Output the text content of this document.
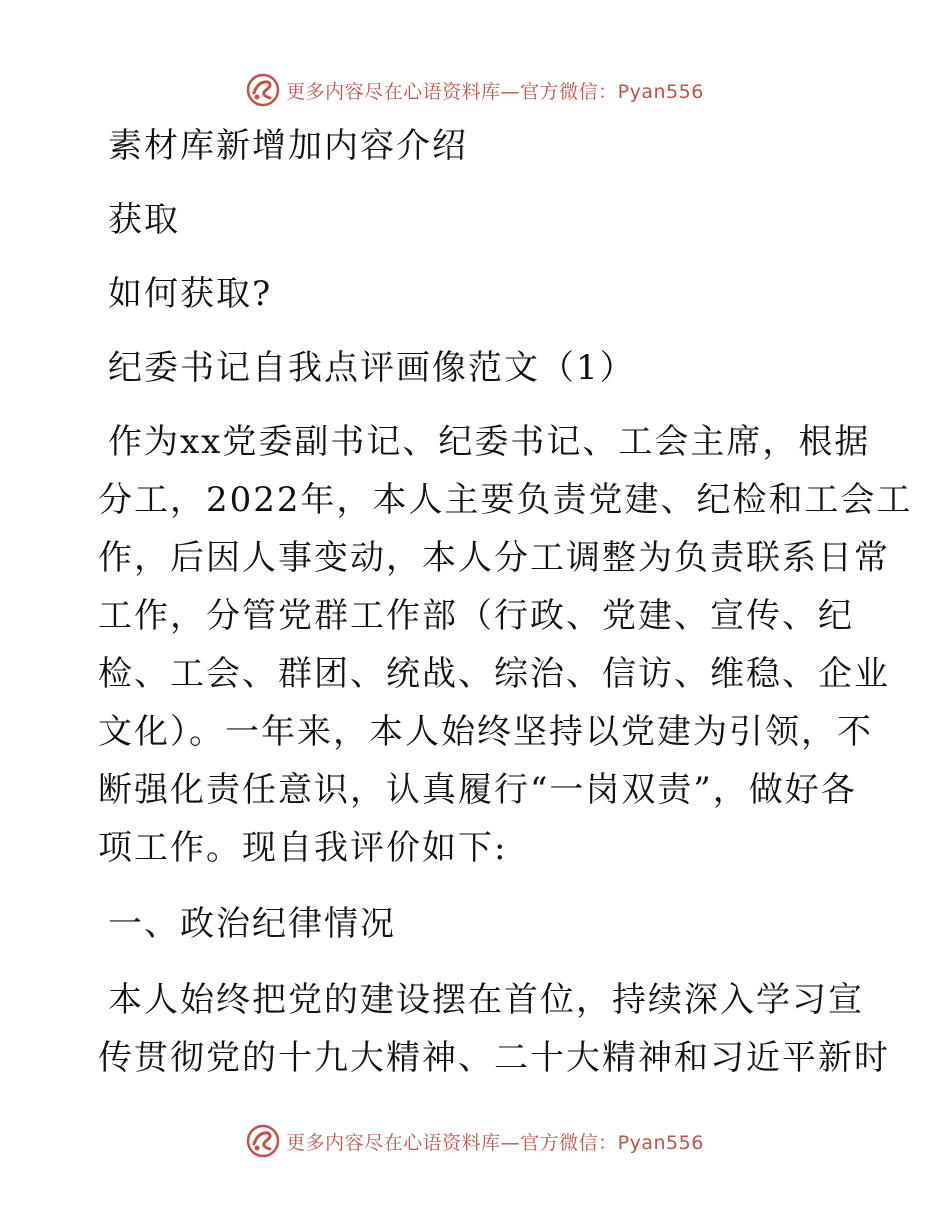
更多内容尽在心语资料库—官方微信：Pyan556
素材库新增加内容介绍
获取
如何获取?
纪委书记自我点评画像范文（1）
作为xx党委副书记、纪委书记、工会主席，根据
分工，2022年，本人主要负责党建、纪检和工会工
作，后因人事变动，本人分工调整为负责联系日常
工作，分管党群工作部（行政、党建、宣传、纪
检、工会、群团、统战、综治、信访、维稳、企业
文化）。一年来，本人始终坚持以党建为引领，不
断强化责任意识，认真履行“一岗双责”，做好各
项工作。现自我评价如下:
一、政治纪律情况
本人始终把党的建设摆在首位，持续深入学习宣
传贯彻党的十九大精神、二十大精神和习近平新时
更多内容尽在心语资料库—官方微信：Pyan556
